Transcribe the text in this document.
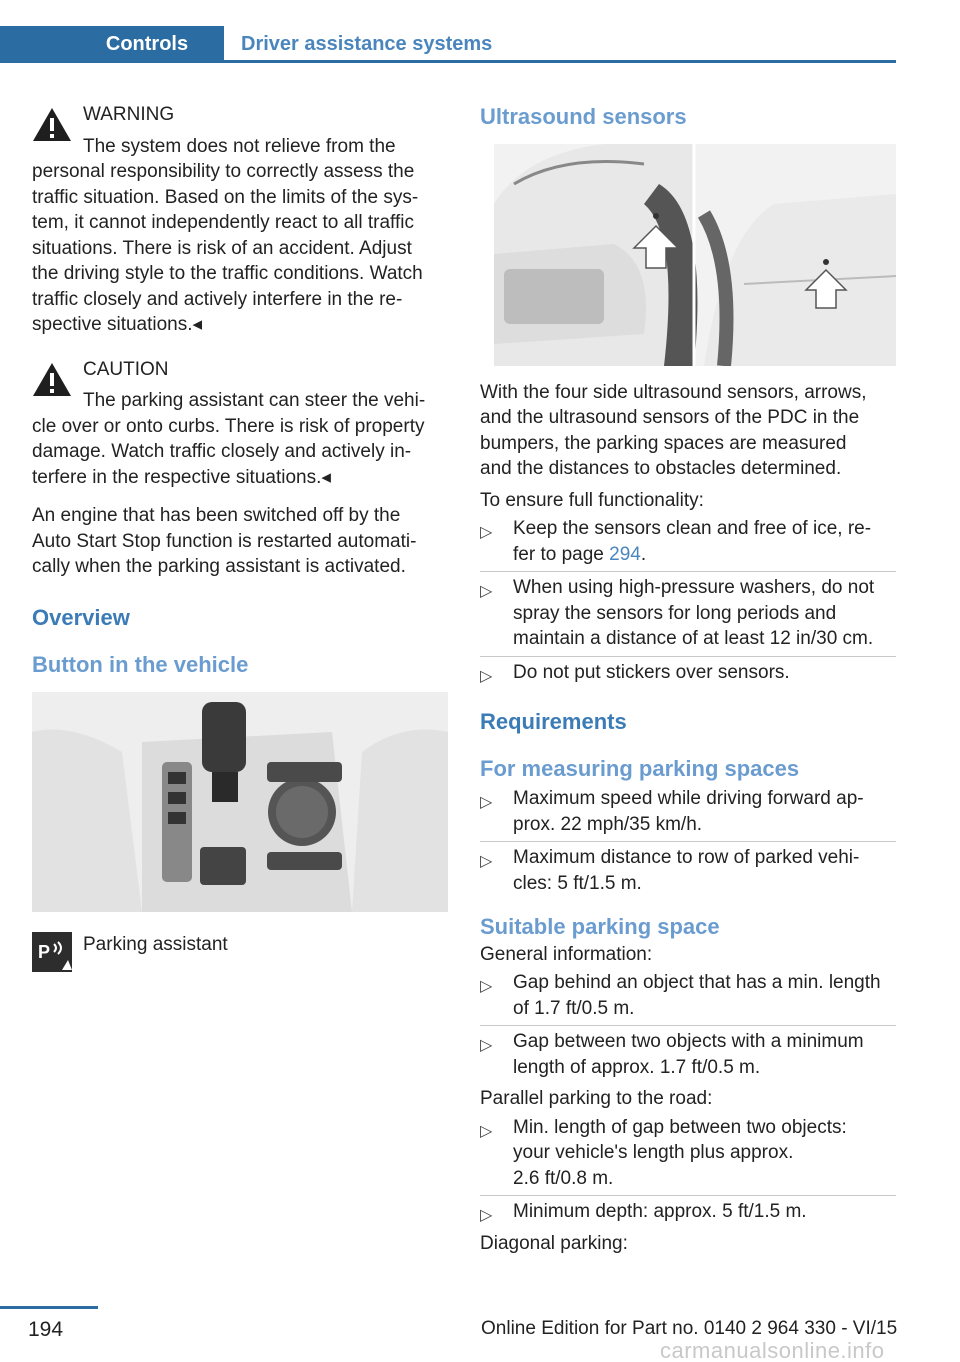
Controls	Driver assistance systems
WARNING
The system does not relieve from the
personal responsibility to correctly assess the
traffic situation. Based on the limits of the sys-
tem, it cannot independently react to all traffic
situations. There is risk of an accident. Adjust
the driving style to the traffic conditions. Watch
traffic closely and actively interfere in the re-
spective situations.◂
CAUTION
The parking assistant can steer the vehi-
cle over or onto curbs. There is risk of property
damage. Watch traffic closely and actively in-
terfere in the respective situations.◂

An engine that has been switched off by the
Auto Start Stop function is restarted automati-
cally when the parking assistant is activated.

Overview
Button in the vehicle
P Parking assistant
Ultrasound sensors

With the four side ultrasound sensors, arrows,
and the ultrasound sensors of the PDC in the
bumpers, the parking spaces are measured
and the distances to obstacles determined.

To ensure full functionality:

▷ Keep the sensors clean and free of ice, re-
fer to page 294.
▷ When using high-pressure washers, do not
spray the sensors for long periods and
maintain a distance of at least 12 in/30 cm.
▷ Do not put stickers over sensors.
Requirements
For measuring parking spaces
▷ Maximum speed while driving forward ap-
prox. 22 mph/35 km/h.
▷ Maximum distance to row of parked vehi-
cles: 5 ft/1.5 m.
Suitable parking space

General information:

▷ Gap behind an object that has a min. length
of 1.7 ft/0.5 m.
▷ Gap between two objects with a minimum
length of approx. 1.7 ft/0.5 m.

Parallel parking to the road:

▷ Min. length of gap between two objects:
your vehicle's length plus approx.
2.6 ft/0.8 m.
▷ Minimum depth: approx. 5 ft/1.5 m.

Diagonal parking:

194	Online Edition for Part no. 0140 2 964 330 - VI/15
carmanualsonline.info
